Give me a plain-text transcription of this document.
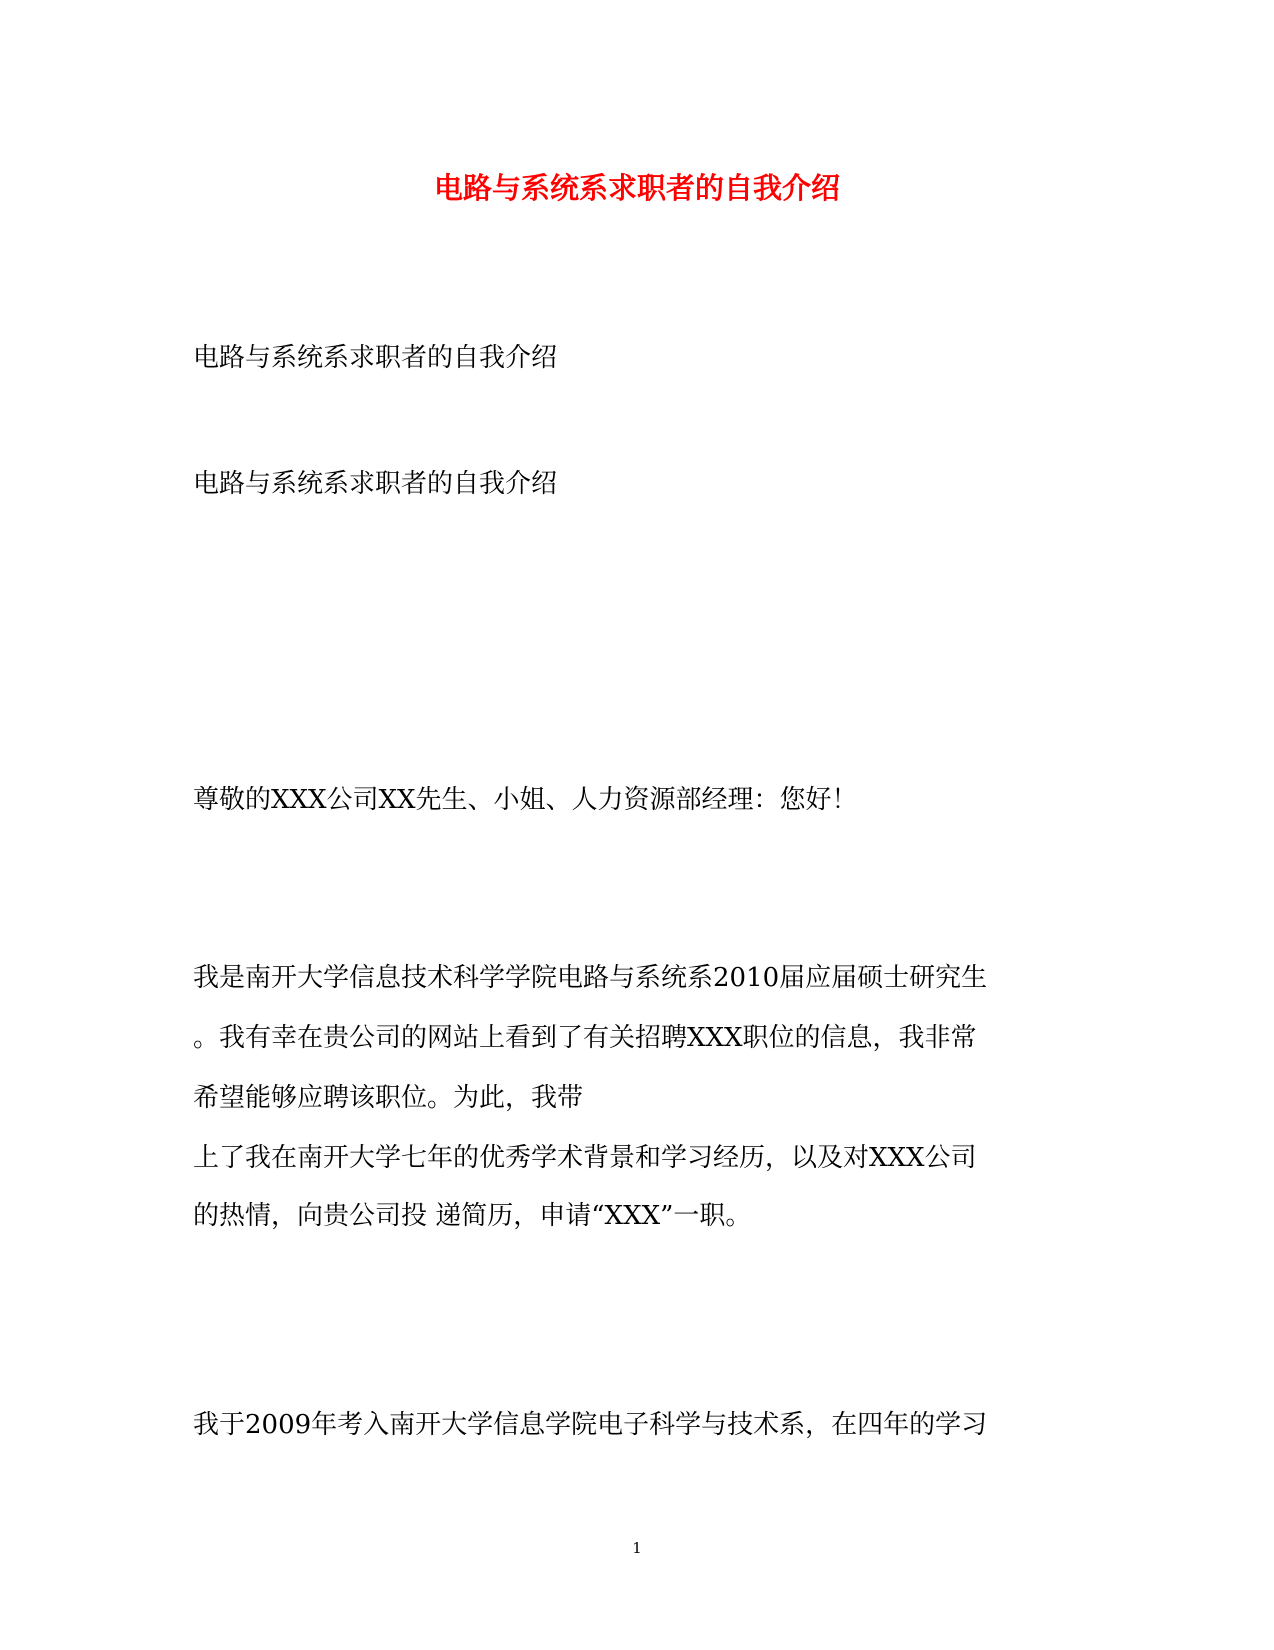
电路与系统系求职者的自我介绍
电路与系统系求职者的自我介绍
电路与系统系求职者的自我介绍
尊敬的XXX公司XX先生、小姐、人力资源部经理：您好！
我是南开大学信息技术科学学院电路与系统系2010届应届硕士研究生
。我有幸在贵公司的网站上看到了有关招聘XXX职位的信息，我非常
希望能够应聘该职位。为此，我带
上了我在南开大学七年的优秀学术背景和学习经历，以及对XXX公司
的热情，向贵公司投 递简历，申请“XXX”一职。
我于2009年考入南开大学信息学院电子科学与技术系，在四年的学习
1
